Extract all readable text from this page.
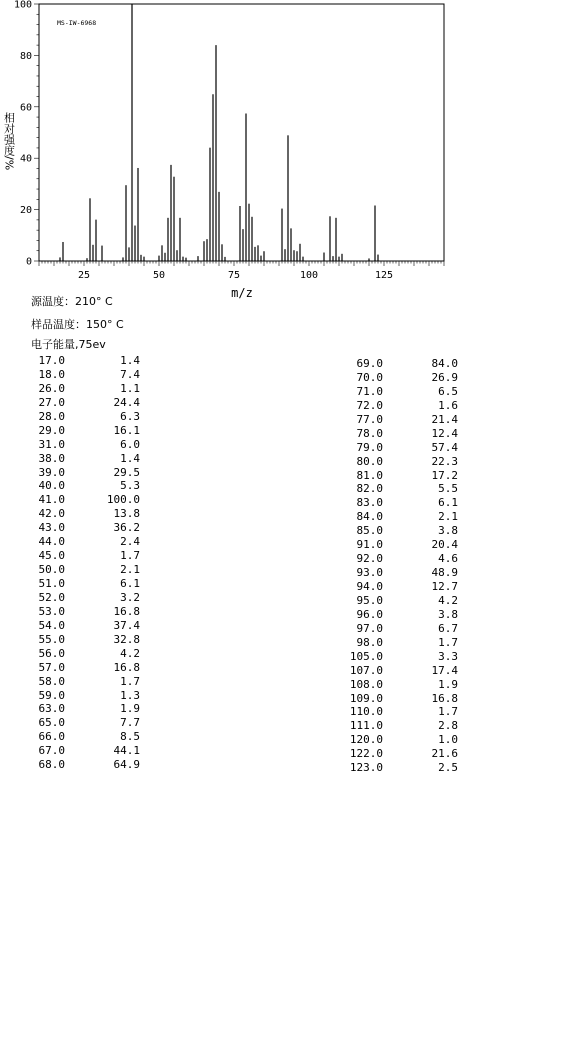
25	50	75	100	125
0
20
40
60
80
100
MS-IW-6968
m/z
相对强度/%
源温度：210° C
样品温度：150° C
电子能量,75ev
17.0	1.4
18.0	7.4
26.0	1.1
27.0	24.4
28.0	6.3
29.0	16.1
31.0	6.0
38.0	1.4
39.0	29.5
40.0	5.3
41.0	100.0
42.0	13.8
43.0	36.2
44.0	2.4
45.0	1.7
50.0	2.1
51.0	6.1
52.0	3.2
53.0	16.8
54.0	37.4
55.0	32.8
56.0	4.2
57.0	16.8
58.0	1.7
59.0	1.3
63.0	1.9
65.0	7.7
66.0	8.5
67.0	44.1
68.0	64.9
69.0	84.0
70.0	26.9
71.0	6.5
72.0	1.6
77.0	21.4
78.0	12.4
79.0	57.4
80.0	22.3
81.0	17.2
82.0	5.5
83.0	6.1
84.0	2.1
85.0	3.8
91.0	20.4
92.0	4.6
93.0	48.9
94.0	12.7
95.0	4.2
96.0	3.8
97.0	6.7
98.0	1.7
105.0	3.3
107.0	17.4
108.0	1.9
109.0	16.8
110.0	1.7
111.0	2.8
120.0	1.0
122.0	21.6
123.0	2.5
